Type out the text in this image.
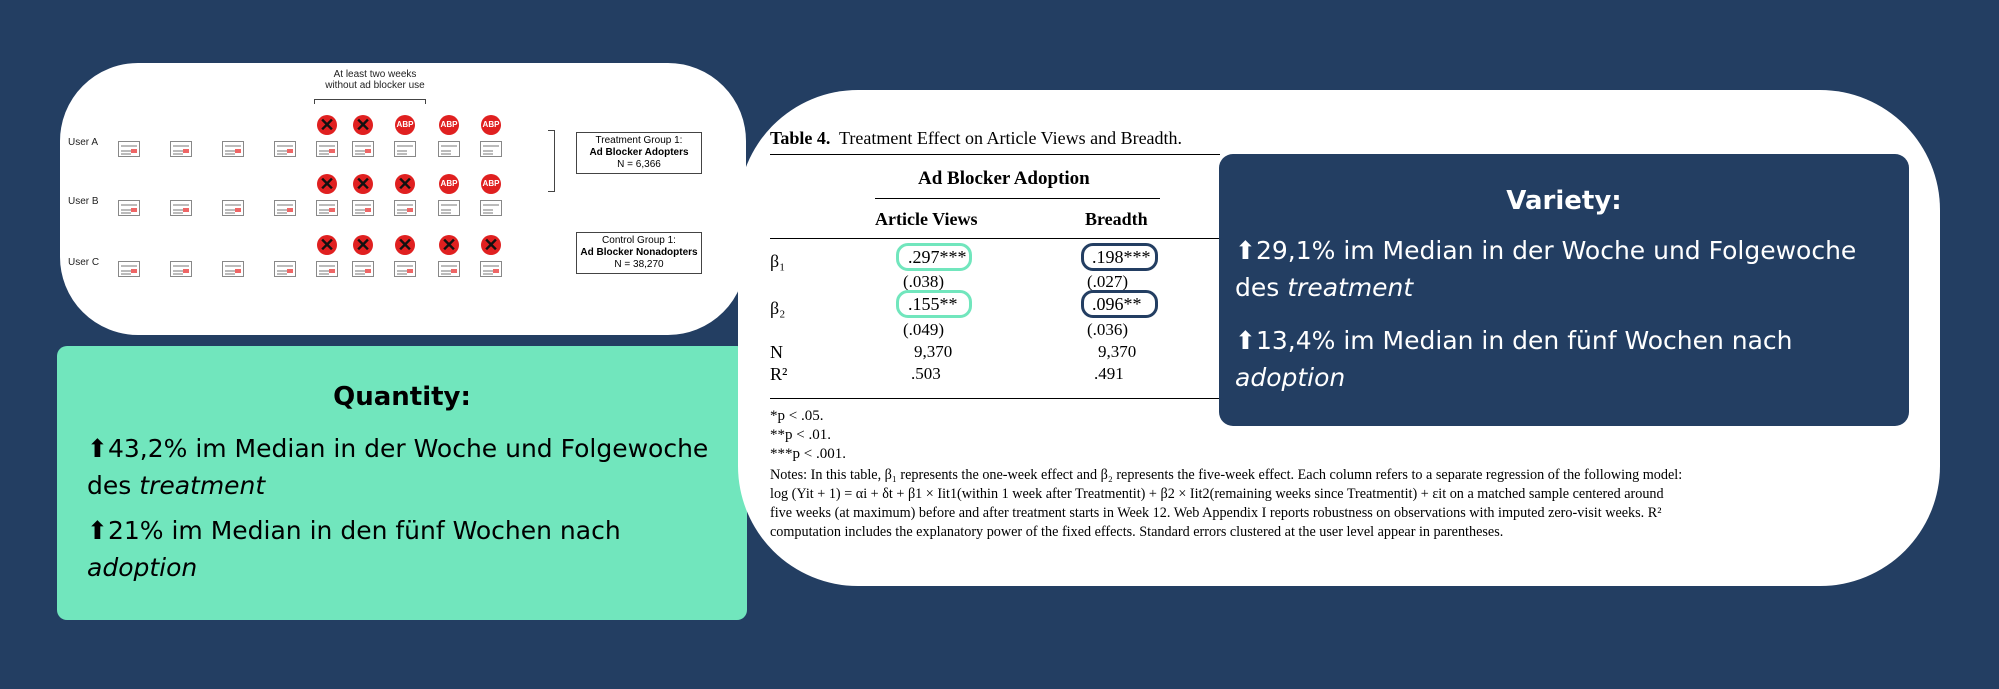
At least two weeks
without ad blocker use
User A
User B
User C
✕
✕
ABP	ABP	ABP
✕
✕
✕
ABP	ABP
✕
✕
✕
✕
✕
Treatment Group 1:
Ad Blocker Adopters
N = 6,366
Control Group 1:
Ad Blocker Nonadopters
N = 38,270
Quantity:
⬆43,2% im Median in der Woche und Folgewoche
des treatment
⬆21% im Median in den fünf Wochen nach
adoption
Table 4. Treatment Effect on Article Views and Breadth.
Ad Blocker Adoption
Article Views	Breadth
β₁	.297***	.198***
(.038)	(.027)
β₂	.155**	.096**
(.049)	(.036)
N	9,370	9,370
R²	.503	.491
*p < .05.
**p < .01.
***p < .001.
Notes: In this table, β₁ represents the one-week effect and β₂ represents the five-week effect. Each column refers to a separate regression of the following model:
log (Yit + 1) = αi + δt + β1 × Iit1(within 1 week after Treatmentit) + β2 × Iit2(remaining weeks since Treatmentit) + εit on a matched sample centered around
five weeks (at maximum) before and after treatment starts in Week 12. Web Appendix I reports robustness on observations with imputed zero-visit weeks. R²
computation includes the explanatory power of the fixed effects. Standard errors clustered at the user level appear in parentheses.
Variety:
⬆29,1% im Median in der Woche und Folgewoche
des treatment
⬆13,4% im Median in den fünf Wochen nach
adoption
